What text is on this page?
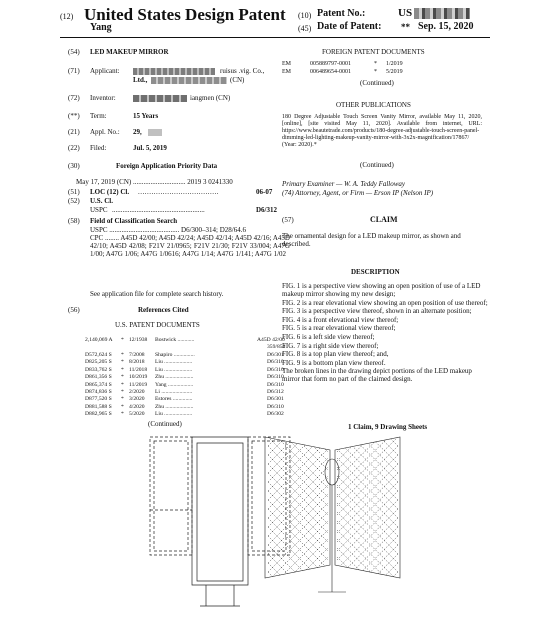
(12) United States Design Patent
Yang
(10) Patent No.:	US
(45) Date of Patent: ** Sep. 15, 2020
(54)	LED MAKEUP MIRROR
(71)	Applicant:	ruisus .vig. Co.,
Ltd.,	(CN)
(72)	Inventor:	iangmen (CN)
(**)	Term:	15 Years
(21)	Appl. No.: 29,
(22)	Filed:	Jul. 5, 2019
(30)	Foreign Application Priority Data
May 17, 2019 (CN) .............................. 2019 3 0241330
(51)	LOC (12) Cl. ....................................	06-07
(52)	U.S. Cl.
USPC .....................................................	D6/312
(58)	Field of Classification Search
USPC ........................................ D6/300–314; D28/64.6
CPC ........ A45D 42/00; A45D 42/24; A45D 42/14; A45D 42/16; A45D 42/10; A45D 42/08; F21V 21/0965; F21V 21/30; F21V 33/004; A47G 1/00; A47G 1/06; A47G 1/0616; A47G 1/14; A47G 1/141; A47G 1/02
See application file for complete search history.
(56)	References Cited
U.S. PATENT DOCUMENTS
2,140,069 A * 12/1938 Bostwick ............	A45D 42/00
359/854
(Continued)
FOREIGN PATENT DOCUMENTS
(Continued)
OTHER PUBLICATIONS
180 Degree Adjustable Touch Screen Vanity Mirror, available May 11, 2020, [online], [site visited May 11, 2020]. Available from internet, URL: https://www.beautetrade.com/products/180-degree-adjustable-touch-screen-panel-dimming-led-lighting-makeup-vanity-mirror-with-3x2x-magnification/17867/ (Year: 2020).*
(Continued)
Primary Examiner — W. A. Teddy Falloway
(74) Attorney, Agent, or Firm — Erson IP (Nelson IP)
(57)	CLAIM
The ornamental design for a LED makeup mirror, as shown and described.
DESCRIPTION
FIG. 1 is a perspective view showing an open position of use of a LED makeup mirror showing my new design;
FIG. 2 is a rear elevational view showing an open position of use thereof;
FIG. 3 is a perspective view thereof, shown in an alternate position;
FIG. 4 is a front elevational view thereof;
FIG. 5 is a rear elevational view thereof;
FIG. 6 is a left side view thereof;
FIG. 7 is a right side view thereof;
FIG. 8 is a top plan view thereof; and,
FIG. 9 is a bottom plan view thereof.
The broken lines in the drawing depict portions of the LED makeup mirror that form no part of the claimed design.
1 Claim, 9 Drawing Sheets
D572,624 S * 7/2008 Shapiro ...............	D6/301
D825,205 S * 8/2018 Liu ....................	D6/310
D833,762 S * 11/2018 Liu ....................	D6/310
D861,356 S * 10/2019 Zhu ....................	D6/310
D865,374 S * 11/2019 Yang ..................	D6/310
D874,836 S * 2/2020 Li ......................	D6/312
D877,520 S * 3/2020 Estores ..............	D6/301
D881,588 S * 4/2020 Zhu ....................	D6/310
D882,965 S * 5/2020 Liu ....................	D6/302
EM	005889797-0001	* 1/2019
EM	006489654-0001	* 5/2019
